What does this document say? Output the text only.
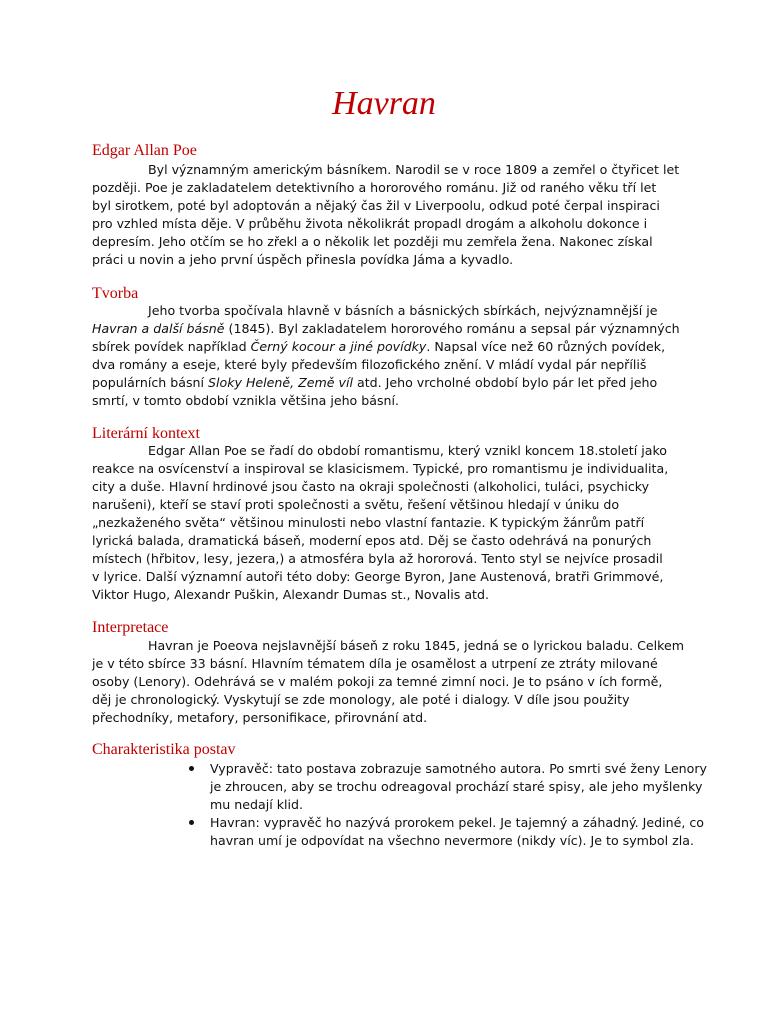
Havran
Edgar Allan Poe
Byl významným americkým básníkem. Narodil se v roce 1809 a zemřel o čtyřicet let
později. Poe je zakladatelem detektivního a hororového románu. Již od raného věku tří let
byl sirotkem, poté byl adoptován a nějaký čas žil v Liverpoolu, odkud poté čerpal inspiraci
pro vzhled místa děje. V průběhu života několikrát propadl drogám a alkoholu dokonce i
depresím. Jeho otčím se ho zřekl a o několik let později mu zemřela žena. Nakonec získal
práci u novin a jeho první úspěch přinesla povídka Jáma a kyvadlo.
Tvorba
Jeho tvorba spočívala hlavně v básních a básnických sbírkách, nejvýznamnější je
Havran a další básně (1845). Byl zakladatelem hororového románu a sepsal pár významných
sbírek povídek například Černý kocour a jiné povídky. Napsal více než 60 různých povídek,
dva romány a eseje, které byly především filozofického znění. V mládí vydal pár nepříliš
populárních básní Sloky Heleně, Země víl atd. Jeho vrcholné období bylo pár let před jeho
smrtí, v tomto období vznikla většina jeho básní.
Literární kontext
Edgar Allan Poe se řadí do období romantismu, který vznikl koncem 18.století jako
reakce na osvícenství a inspiroval se klasicismem. Typické, pro romantismu je individualita,
city a duše. Hlavní hrdinové jsou často na okraji společnosti (alkoholici, tuláci, psychicky
narušeni), kteří se staví proti společnosti a světu, řešení většinou hledají v úniku do
„nezkaženého světa“ většinou minulosti nebo vlastní fantazie. K typickým žánrům patří
lyrická balada, dramatická báseň, moderní epos atd. Děj se často odehrává na ponurých
místech (hřbitov, lesy, jezera,) a atmosféra byla až hororová. Tento styl se nejvíce prosadil
v lyrice. Další významní autoři této doby: George Byron, Jane Austenová, bratři Grimmové,
Viktor Hugo, Alexandr Puškin, Alexandr Dumas st., Novalis atd.
Interpretace
Havran je Poeova nejslavnější báseň z roku 1845, jedná se o lyrickou baladu. Celkem
je v této sbírce 33 básní. Hlavním tématem díla je osamělost a utrpení ze ztráty milované
osoby (Lenory). Odehrává se v malém pokoji za temné zimní noci. Je to psáno v ích formě,
děj je chronologický. Vyskytují se zde monology, ale poté i dialogy. V díle jsou použity
přechodníky, metafory, personifikace, přirovnání atd.
Charakteristika postav
Vypravěč: tato postava zobrazuje samotného autora. Po smrti své ženy Lenory
je zhroucen, aby se trochu odreagoval prochází staré spisy, ale jeho myšlenky
mu nedají klid.
Havran: vypravěč ho nazývá prorokem pekel. Je tajemný a záhadný. Jediné, co
havran umí je odpovídat na všechno nevermore (nikdy víc). Je to symbol zla.
